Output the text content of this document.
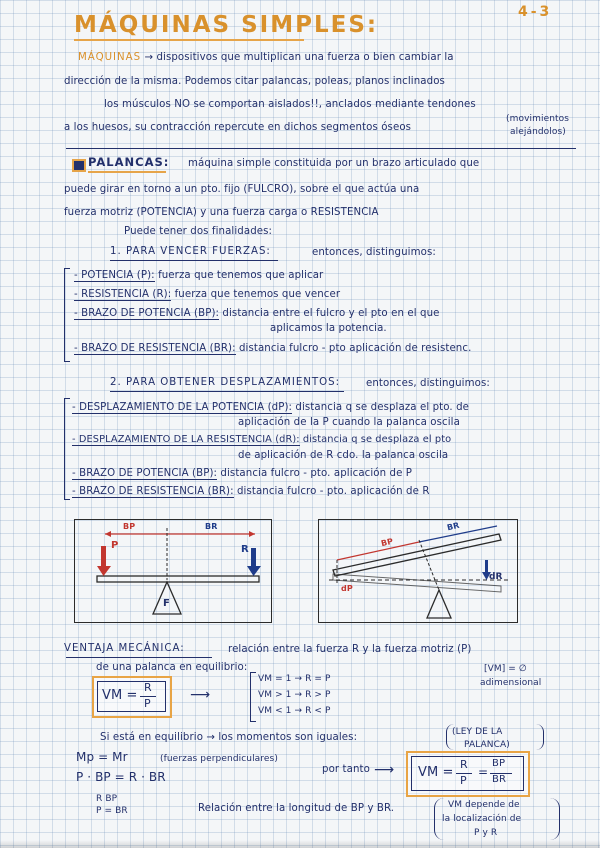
MÁQUINAS SIMPLES:	4-3
MÁQUINAS → dispositivos que multiplican una fuerza o bien cambiar la
dirección de la misma. Podemos citar palancas, poleas, planos inclinados
los músculos NO se comportan aislados!!, anclados mediante tendones
a los huesos, su contracción repercute en dichos segmentos óseos
(movimientos
alejándolos)
PALANCAS: máquina simple constituida por un brazo articulado que
puede girar en torno a un pto. fijo (FULCRO), sobre el que actúa una
fuerza motriz (POTENCIA) y una fuerza carga o RESISTENCIA
Puede tener dos finalidades:
1. PARA VENCER FUERZAS:	entonces, distinguimos:
- POTENCIA (P): fuerza que tenemos que aplicar
- RESISTENCIA (R): fuerza que tenemos que vencer
- BRAZO DE POTENCIA (BP): distancia entre el fulcro y el pto en el que
aplicamos la potencia.
- BRAZO DE RESISTENCIA (BR): distancia fulcro - pto aplicación de resistenc.
2. PARA OBTENER DESPLAZAMIENTOS:	entonces, distinguimos:
- DESPLAZAMIENTO DE LA POTENCIA (dP): distancia q se desplaza el pto. de
aplicación de la P cuando la palanca oscila
- DESPLAZAMIENTO DE LA RESISTENCIA (dR): distancia q se desplaza el pto
de aplicación de R cdo. la palanca oscila
- BRAZO DE POTENCIA (BP): distancia fulcro - pto. aplicación de P
- BRAZO DE RESISTENCIA (BR): distancia fulcro - pto. aplicación de R
BP	BR
P	R
F
BP
BR
dR
dP
VENTAJA MECÁNICA:	relación entre la fuerza R y la fuerza motriz (P)
de una palanca en equilibrio:	[VM] = ∅
adimensional
VM =
R
P
⟶
VM = 1 → R = P
VM > 1 → R > P
VM < 1 → R < P
Si está en equilibrio → los momentos son iguales:	(LEY DE LA
PALANCA)
Mp = Mr	(fuerzas perpendiculares)
P · BP = R · BR
R BP
P = BR
por tanto ⟶ VM =
R
P
=
BP
BR
Relación entre la longitud de BP y BR.	VM depende de
la localización de
P y R
